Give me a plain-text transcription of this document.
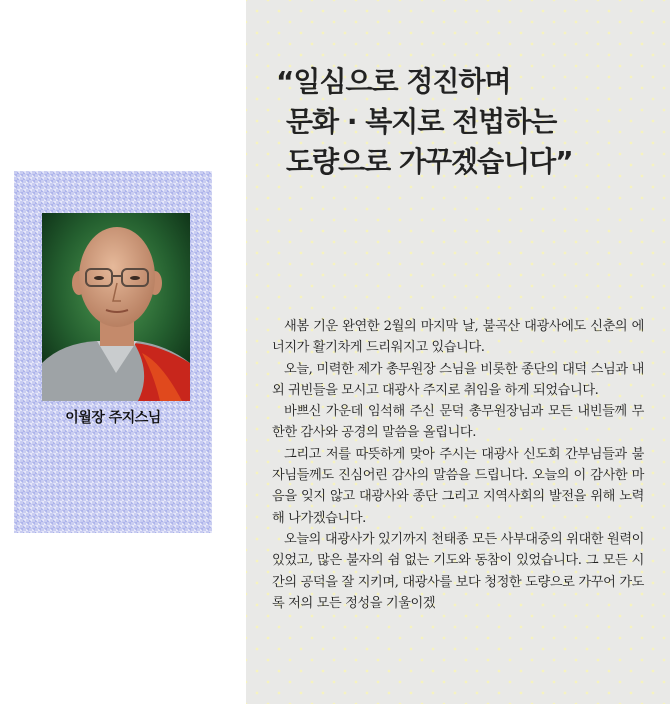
이월장 주지스님
“일심으로 정진하며
문화 · 복지로 전법하는
도량으로 가꾸겠습니다”

새봄 기운 완연한 2월의 마지막 날, 불곡산 대광사에도 신춘의 에너지가 활기차게 드리워지고 있습니다.

오늘, 미력한 제가 총무원장 스님을 비롯한 종단의 대덕 스님과 내외 귀빈들을 모시고 대광사 주지로 취임을 하게 되었습니다.

바쁘신 가운데 임석해 주신 문덕 총무원장님과 모든 내빈들께 무한한 감사와 공경의 말씀을 올립니다.

그리고 저를 따뜻하게 맞아 주시는 대광사 신도회 간부님들과 불자님들께도 진심어린 감사의 말씀을 드립니다. 오늘의 이 감사한 마음을 잊지 않고 대광사와 종단 그리고 지역사회의 발전을 위해 노력해 나가겠습니다.

오늘의 대광사가 있기까지 천태종 모든 사부대중의 위대한 원력이 있었고, 많은 불자의 쉼 없는 기도와 동참이 있었습니다. 그 모든 시간의 공덕을 잘 지키며, 대광사를 보다 청정한 도량으로 가꾸어 가도록 저의 모든 정성을 기울이겠
